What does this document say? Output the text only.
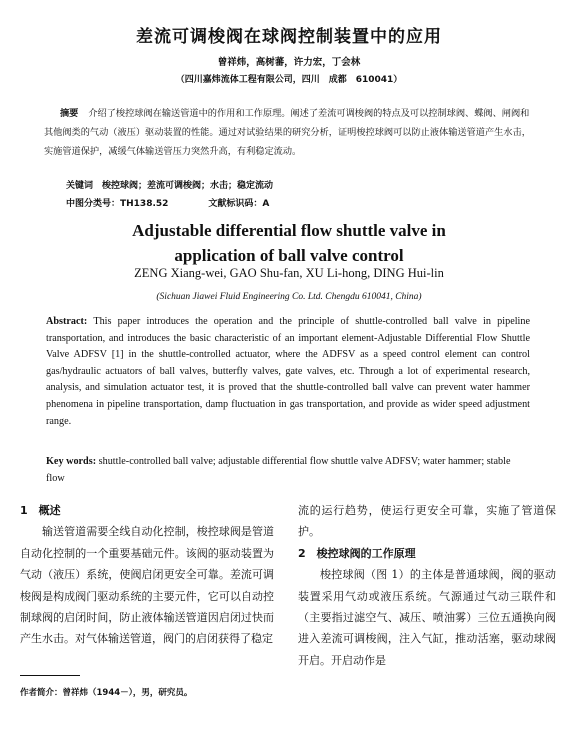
差流可调梭阀在球阀控制装置中的应用
曾祥炜，高树蕃，许力宏，丁会林
（四川嘉炜流体工程有限公司，四川　成都　610041）
摘要 介绍了梭控球阀在输送管道中的作用和工作原理。阐述了差流可调梭阀的特点及可以控制球阀、蝶阀、闸阀和其他阀类的气动（液压）驱动装置的性能。通过对试验结果的研究分析，证明梭控球阀可以防止液体输送管道产生水击，实施管道保护，减缓气体输送管压力突然升高，有利稳定流动。
关键词　 梭控球阀；差流可调梭阀；水击；稳定流动
中图分类号：TH138.52	文献标识码：A
Adjustable differential flow shuttle valve in
application of ball valve control
ZENG Xiang-wei, GAO Shu-fan, XU Li-hong, DING Hui-lin
(Sichuan Jiawei Fluid Engineering Co. Ltd. Chengdu 610041, China)
Abstract: This paper introduces the operation and the principle of shuttle-controlled ball valve in pipeline transportation, and introduces the basic characteristic of an important element-Adjustable Differential Flow Shuttle Valve ADFSV [1] in the shuttle-controlled actuator, where the ADFSV as a speed control element can control gas/hydraulic actuators of ball valves, butterfly valves, gate valves, etc. Through a lot of experimental research, analysis, and simulation actuator test, it is proved that the shuttle-controlled ball valve can prevent water hammer phenomena in pipeline transportation, damp fluctuation in gas transportation, and provide as wider speed adjustment range.
Key words: shuttle-controlled ball valve; adjustable differential flow shuttle valve ADFSV; water hammer; stable flow
1　概述

输送管道需要全线自动化控制，梭控球阀是管道自动化控制的一个重要基础元件。该阀的驱动装置为气动（液压）系统，使阀启闭更安全可靠。差流可调梭阀是构成阀门驱动系统的主要元件，它可以自动控制球阀的启闭时间，防止液体输送管道因启闭过快而产生水击。对气体输送管道，阀门的启闭获得了稳定

流的运行趋势，使运行更安全可靠，实施了管道保护。

2　梭控球阀的工作原理

梭控球阀（图 1）的主体是普通球阀，阀的驱动装置采用气动或液压系统。气源通过气动三联件和（主要指过滤空气、减压、喷油雾）三位五通换向阀进入差流可调梭阀，注入气缸，推动活塞，驱动球阀开启。开启动作是

作者简介：曾祥炜（1944－），男，研究员。
